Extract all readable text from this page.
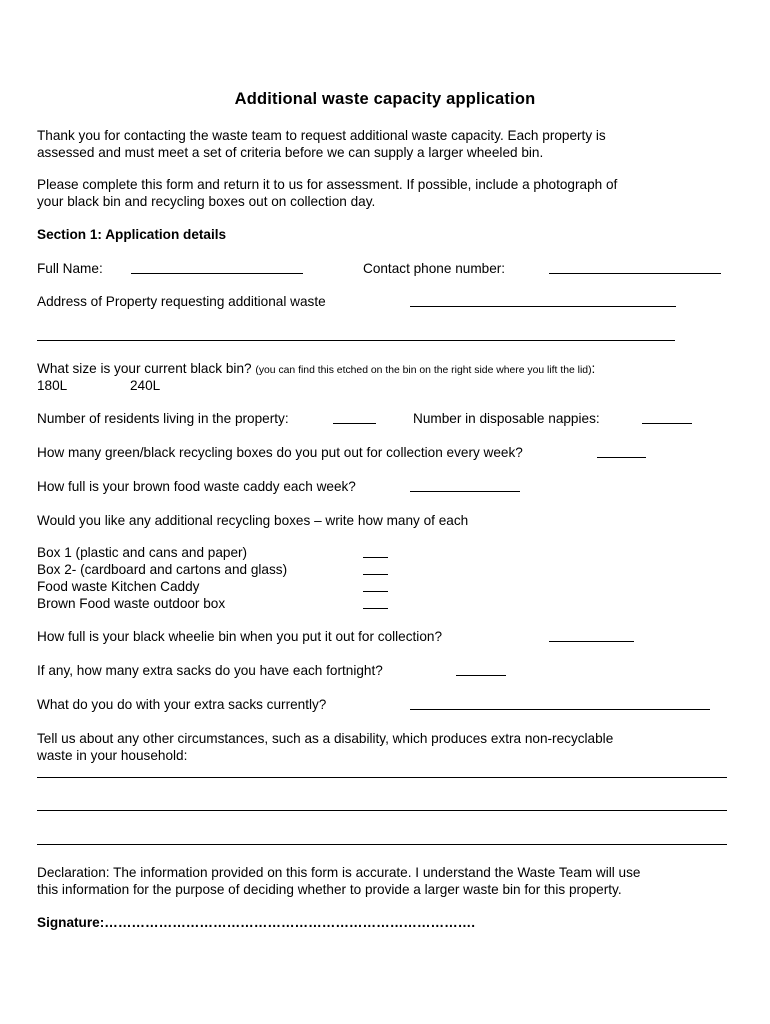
Additional waste capacity application
Thank you for contacting the waste team to request additional waste capacity. Each property is
assessed and must meet a set of criteria before we can supply a larger wheeled bin.
Please complete this form and return it to us for assessment. If possible, include a photograph of
your black bin and recycling boxes out on collection day.
Section 1: Application details
Full Name:	Contact phone number:
Address of Property requesting additional waste
What size is your current black bin? (you can find this etched on the bin on the right side where you lift the lid):
180L	240L
Number of residents living in the property:	Number in disposable nappies:
How many green/black recycling boxes do you put out for collection every week?
How full is your brown food waste caddy each week?
Would you like any additional recycling boxes – write how many of each
Box 1 (plastic and cans and paper)
Box 2- (cardboard and cartons and glass)
Food waste Kitchen Caddy
Brown Food waste outdoor box
How full is your black wheelie bin when you put it out for collection?
If any, how many extra sacks do you have each fortnight?
What do you do with your extra sacks currently?
Tell us about any other circumstances, such as a disability, which produces extra non-recyclable
waste in your household:
Declaration: The information provided on this form is accurate. I understand the Waste Team will use
this information for the purpose of deciding whether to provide a larger waste bin for this property.
Signature:……………………………………………………………………….
